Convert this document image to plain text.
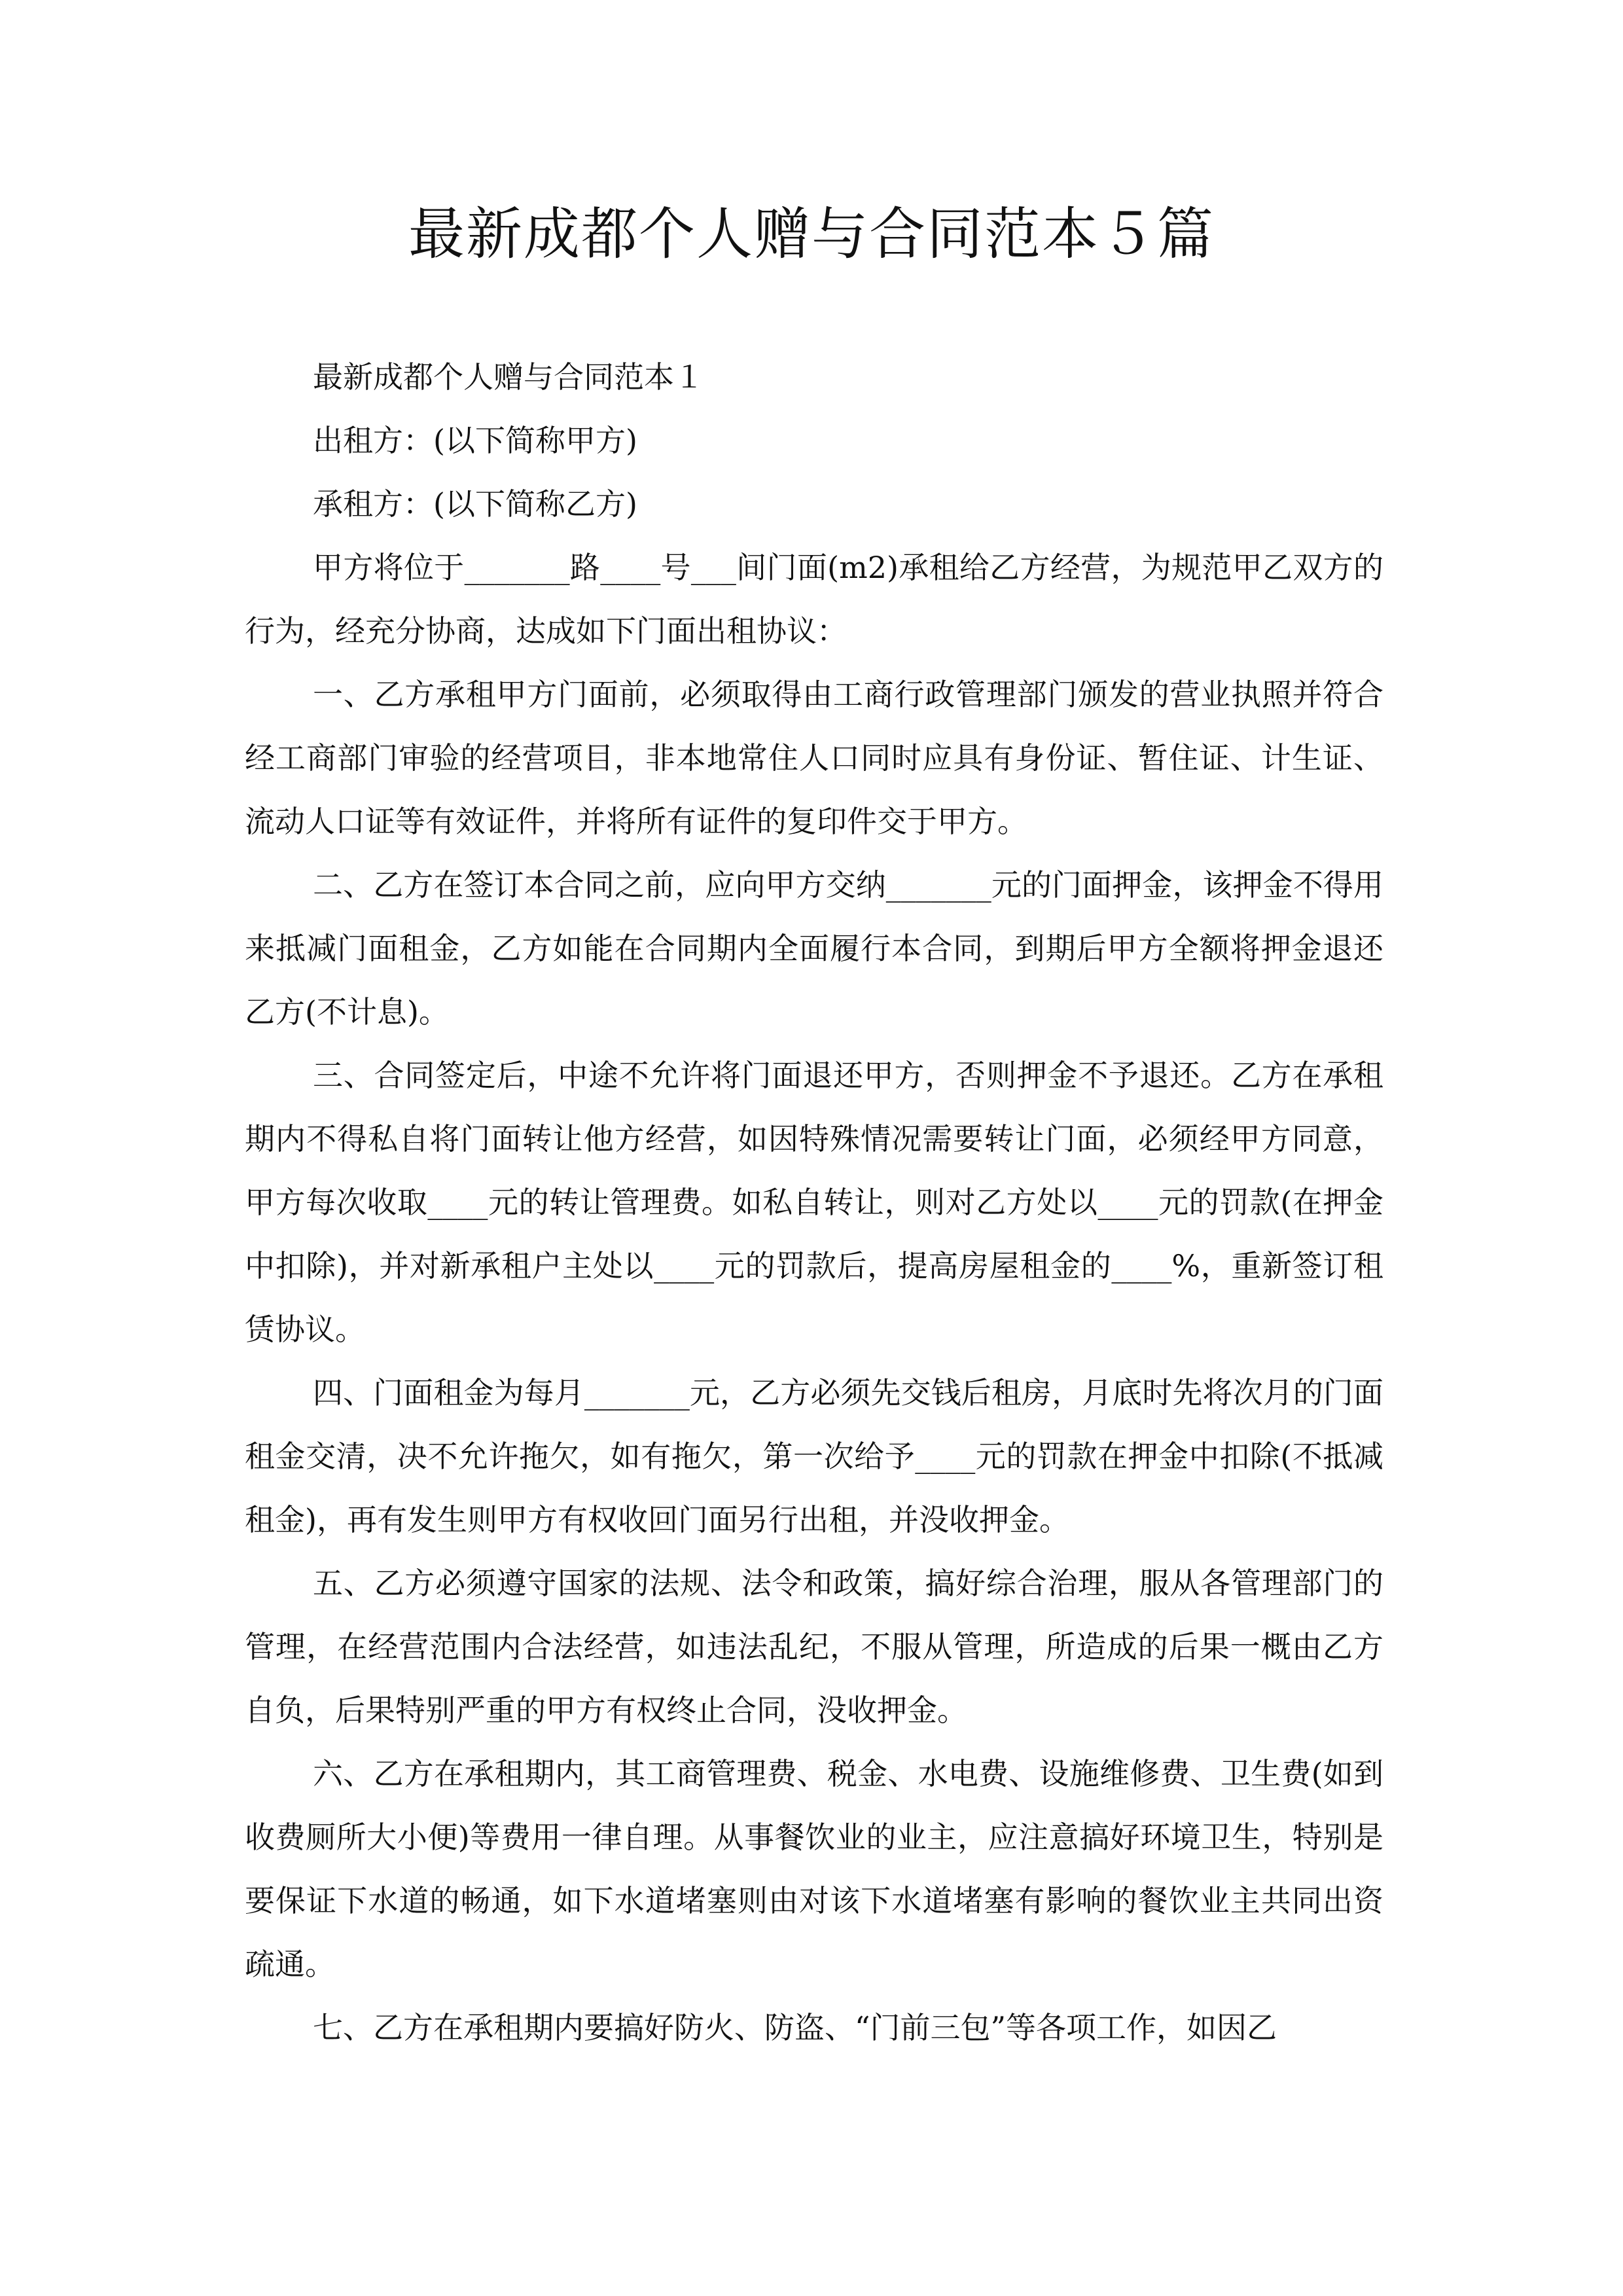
最新成都个人赠与合同范本５篇

最新成都个人赠与合同范本１

出租方：(以下简称甲方)

承租方：(以下简称乙方)

甲方将位于_______路____号___间门面(m2)承租给乙方经营，为规范甲乙双方的行为，经充分协商，达成如下门面出租协议：

一、乙方承租甲方门面前，必须取得由工商行政管理部门颁发的营业执照并符合经工商部门审验的经营项目，非本地常住人口同时应具有身份证、暂住证、计生证、流动人口证等有效证件，并将所有证件的复印件交于甲方。

二、乙方在签订本合同之前，应向甲方交纳_______元的门面押金，该押金不得用来抵减门面租金，乙方如能在合同期内全面履行本合同，到期后甲方全额将押金退还乙方(不计息)。

三、合同签定后，中途不允许将门面退还甲方，否则押金不予退还。乙方在承租期内不得私自将门面转让他方经营，如因特殊情况需要转让门面，必须经甲方同意，甲方每次收取____元的转让管理费。如私自转让，则对乙方处以____元的罚款(在押金中扣除)，并对新承租户主处以____元的罚款后，提高房屋租金的____%，重新签订租赁协议。

四、门面租金为每月_______元，乙方必须先交钱后租房，月底时先将次月的门面租金交清，决不允许拖欠，如有拖欠，第一次给予____元的罚款在押金中扣除(不抵减租金)，再有发生则甲方有权收回门面另行出租，并没收押金。

五、乙方必须遵守国家的法规、法令和政策，搞好综合治理，服从各管理部门的管理，在经营范围内合法经营，如违法乱纪，不服从管理，所造成的后果一概由乙方自负，后果特别严重的甲方有权终止合同，没收押金。

六、乙方在承租期内，其工商管理费、税金、水电费、设施维修费、卫生费(如到收费厕所大小便)等费用一律自理。从事餐饮业的业主，应注意搞好环境卫生，特别是要保证下水道的畅通，如下水道堵塞则由对该下水道堵塞有影响的餐饮业主共同出资疏通。

七、乙方在承租期内要搞好防火、防盗、“门前三包”等各项工作，如因乙
